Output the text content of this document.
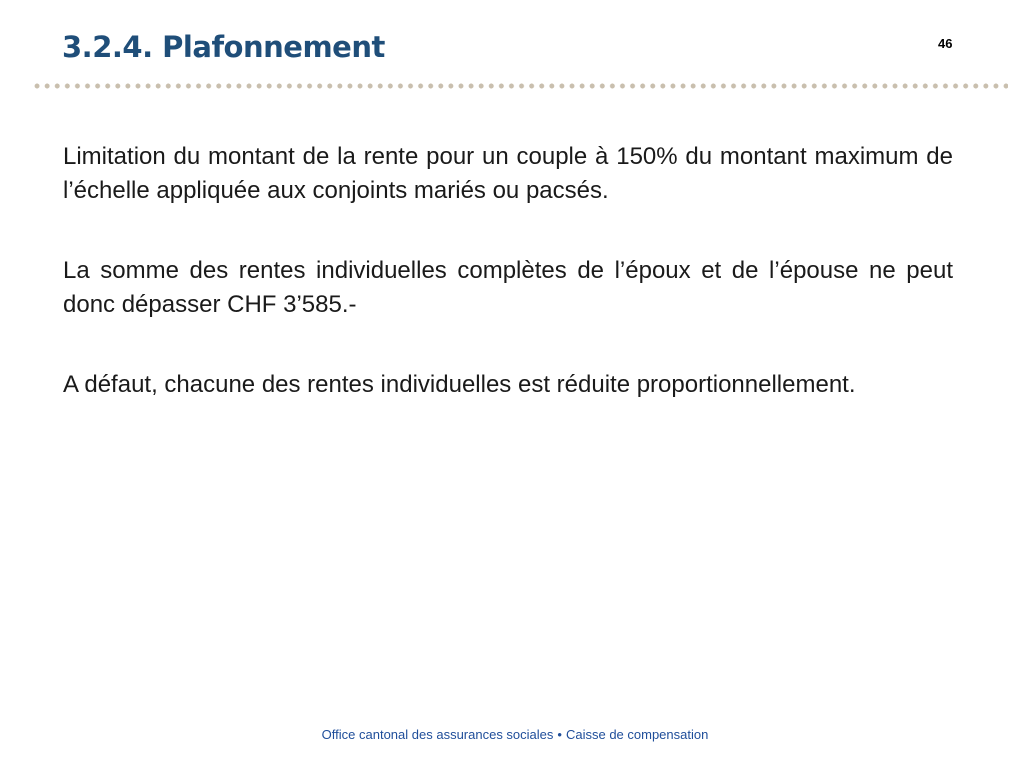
3.2.4. Plafonnement	46

Limitation du montant de la rente pour un couple à 150% du montant maximum de l’échelle appliquée aux conjoints mariés ou pacsés.

La somme des rentes individuelles complètes de l’époux et de l’épouse ne peut donc dépasser CHF 3’585.-

A défaut, chacune des rentes individuelles est réduite proportionnellement.

Office cantonal des assurances sociales • Caisse de compensation
